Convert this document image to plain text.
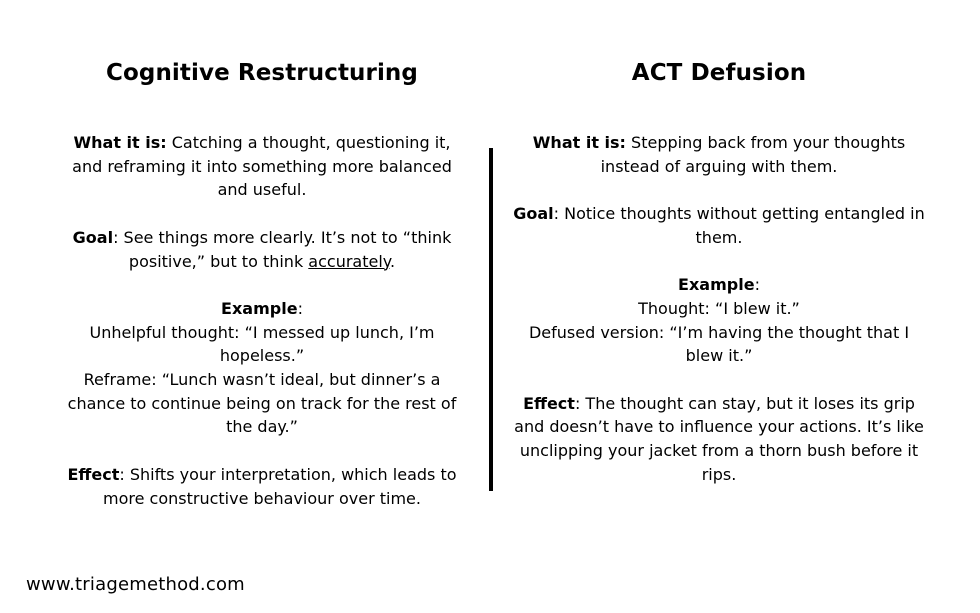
Cognitive Restructuring

What it is: Catching a thought, questioning it, and reframing it into something more balanced and useful.

Goal: See things more clearly. It’s not to “think positive,” but to think accurately.

Example:

Unhelpful thought: “I messed up lunch, I’m hopeless.”

Reframe: “Lunch wasn’t ideal, but dinner’s a chance to continue being on track for the rest of the day.”

Effect: Shifts your interpretation, which leads to more constructive behaviour over time.

ACT Defusion

What it is: Stepping back from your thoughts instead of arguing with them.

Goal: Notice thoughts without getting entangled in them.

Example:

Thought: “I blew it.”

Defused version: “I’m having the thought that I blew it.”

Effect: The thought can stay, but it loses its grip and doesn’t have to influence your actions. It’s like unclipping your jacket from a thorn bush before it rips.

www.triagemethod.com
